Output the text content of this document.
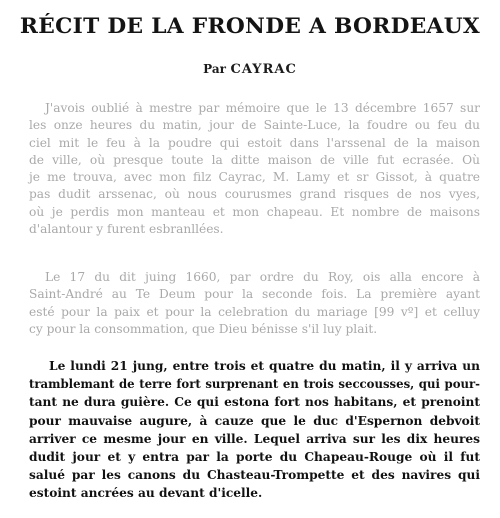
RÉCIT DE LA FRONDE A BORDEAUX
Par CAYRAC
J'avois oublié à mestre par mémoire que le 13 décembre 1657 sur
les onze heures du matin, jour de Sainte-Luce, la foudre ou feu du
ciel mit le feu à la poudre qui estoit dans l'arssenal de la maison
de ville, où presque toute la ditte maison de ville fut ecrasée. Où
je me trouva, avec mon filz Cayrac, M. Lamy et sr Gissot, à quatre
pas dudit arssenac, où nous courusmes grand risques de nos vyes,
où je perdis mon manteau et mon chapeau. Et nombre de maisons
d'alantour y furent esbranllées.
Le 17 du dit juing 1660, par ordre du Roy, ois alla encore à
Saint-André au Te Deum pour la seconde fois. La première ayant
esté pour la paix et pour la celebration du mariage [99 vº] et celluy
cy pour la consommation, que Dieu bénisse s'il luy plait.
Le lundi 21 jung, entre trois et quatre du matin, il y arriva un
tramblemant de terre fort surprenant en trois seccousses, qui pour-
tant ne dura guière. Ce qui estona fort nos habitans, et prenoint
pour mauvaise augure, à cauze que le duc d'Espernon debvoit
arriver ce mesme jour en ville. Lequel arriva sur les dix heures
dudit jour et y entra par la porte du Chapeau-Rouge où il fut
salué par les canons du Chasteau-Trompette et des navires qui
estoint ancrées au devant d'icelle.
